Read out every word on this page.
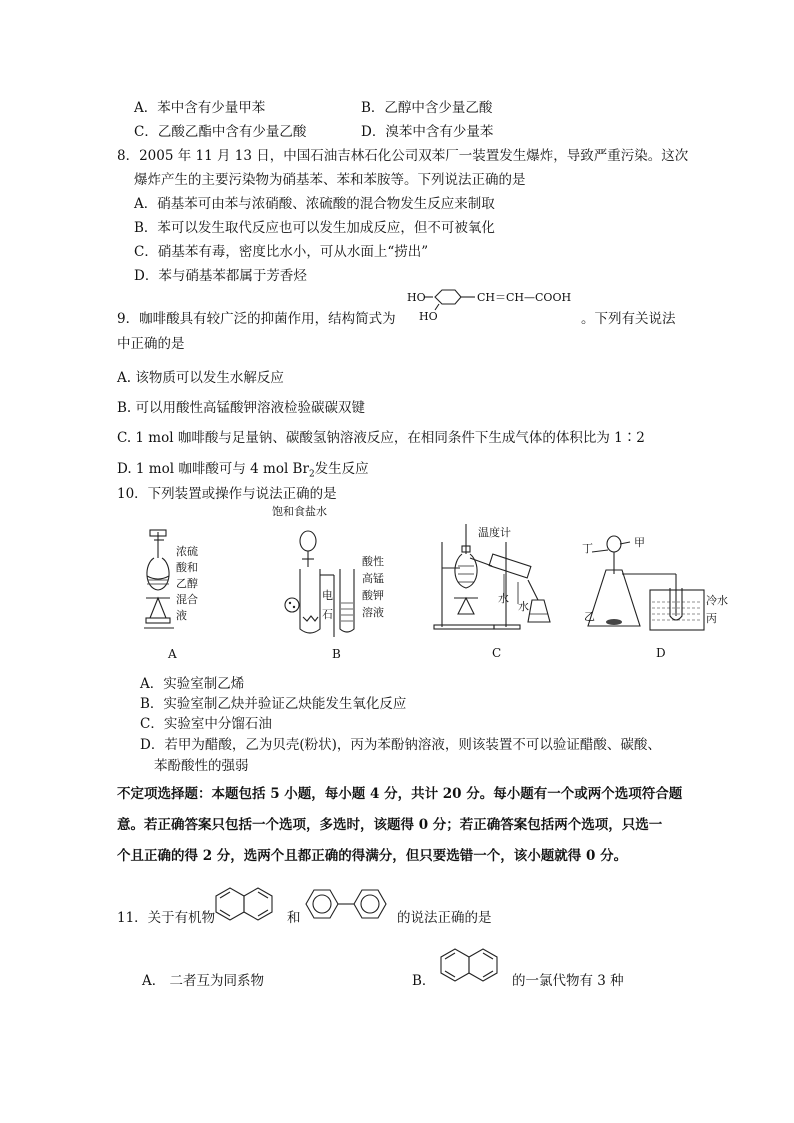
A．苯中含有少量甲苯	B．乙醇中含少量乙酸
C．乙酸乙酯中含有少量乙酸	D．溴苯中含有少量苯
8．2005 年 11 月 13 日，中国石油吉林石化公司双苯厂一装置发生爆炸，导致严重污染。这次
爆炸产生的主要污染物为硝基苯、苯和苯胺等。下列说法正确的是
A．硝基苯可由苯与浓硝酸、浓硫酸的混合物发生反应来制取
B．苯可以发生取代反应也可以发生加成反应，但不可被氧化
C．硝基苯有毒，密度比水小，可从水面上“捞出”
D．苯与硝基苯都属于芳香烃
9．咖啡酸具有较广泛的抑菌作用，结构简式为
HO
HO
CH＝CH—COOH
。下列有关说法
中正确的是
A. 该物质可以发生水解反应
B. 可以用酸性高锰酸钾溶液检验碳碳双键
C. 1 mol 咖啡酸与足量钠、碳酸氢钠溶液反应，在相同条件下生成气体的体积比为 1∶2
D. 1 mol 咖啡酸可与 4 mol $Br_2$发生反应
10．下列装置或操作与说法正确的是
浓硫
酸和
乙醇
混合
液
A
饱和食盐水
电
石
酸性
高锰
酸钾
溶液
B
温度计
水
水
C
丁	甲
乙
冷水
丙
D
A．实验室制乙烯
B．实验室制乙炔并验证乙炔能发生氧化反应
C．实验室中分馏石油
D．若甲为醋酸，乙为贝壳(粉状)，丙为苯酚钠溶液，则该装置不可以验证醋酸、碳酸、
苯酚酸性的强弱
不定项选择题：本题包括 5 小题，每小题 4 分，共计 20 分。每小题有一个或两个选项符合题
意。若正确答案只包括一个选项，多选时，该题得 0 分；若正确答案包括两个选项，只选一
个且正确的得 2 分，选两个且都正确的得满分，但只要选错一个，该小题就得 0 分。
11．关于有机物	和	的说法正确的是
A． 二者互为同系物	B．	的一氯代物有 3 种
